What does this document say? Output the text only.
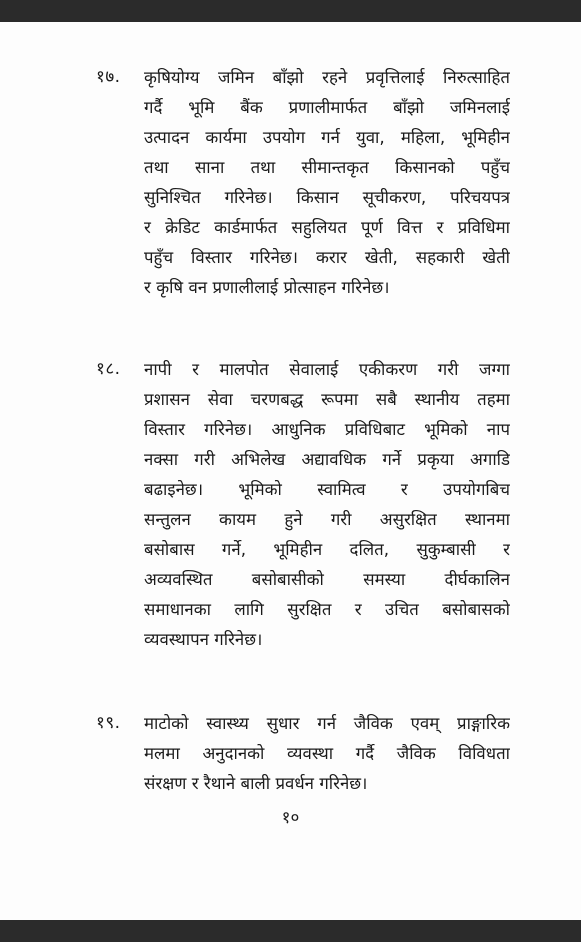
१७. कृषियोग्य जमिन बाँझो रहने प्रवृत्तिलाई निरुत्साहित
गर्दै भूमि बैंक प्रणालीमार्फत बाँझो जमिनलाई
उत्पादन कार्यमा उपयोग गर्न युवा, महिला, भूमिहीन
तथा साना तथा सीमान्तकृत किसानको पहुँच
सुनिश्चित गरिनेछ। किसान सूचीकरण, परिचयपत्र
र क्रेडिट कार्डमार्फत सहुलियत पूर्ण वित्त र प्रविधिमा
पहुँच विस्तार गरिनेछ। करार खेती, सहकारी खेती
र कृषि वन प्रणालीलाई प्रोत्साहन गरिनेछ।
१८. नापी र मालपोत सेवालाई एकीकरण गरी जग्गा
प्रशासन सेवा चरणबद्ध रूपमा सबै स्थानीय तहमा
विस्तार गरिनेछ। आधुनिक प्रविधिबाट भूमिको नाप
नक्सा गरी अभिलेख अद्यावधिक गर्ने प्रकृया अगाडि
बढाइनेछ। भूमिको स्वामित्व र उपयोगबिच
सन्तुलन कायम हुने गरी असुरक्षित स्थानमा
बसोबास गर्ने, भूमिहीन दलित, सुकुम्बासी र
अव्यवस्थित बसोबासीको समस्या दीर्घकालिन
समाधानका लागि सुरक्षित र उचित बसोबासको
व्यवस्थापन गरिनेछ।
१९. माटोको स्वास्थ्य सुधार गर्न जैविक एवम् प्राङ्गारिक
मलमा अनुदानको व्यवस्था गर्दै जैविक विविधता
संरक्षण र रैथाने बाली प्रवर्धन गरिनेछ।
१०
